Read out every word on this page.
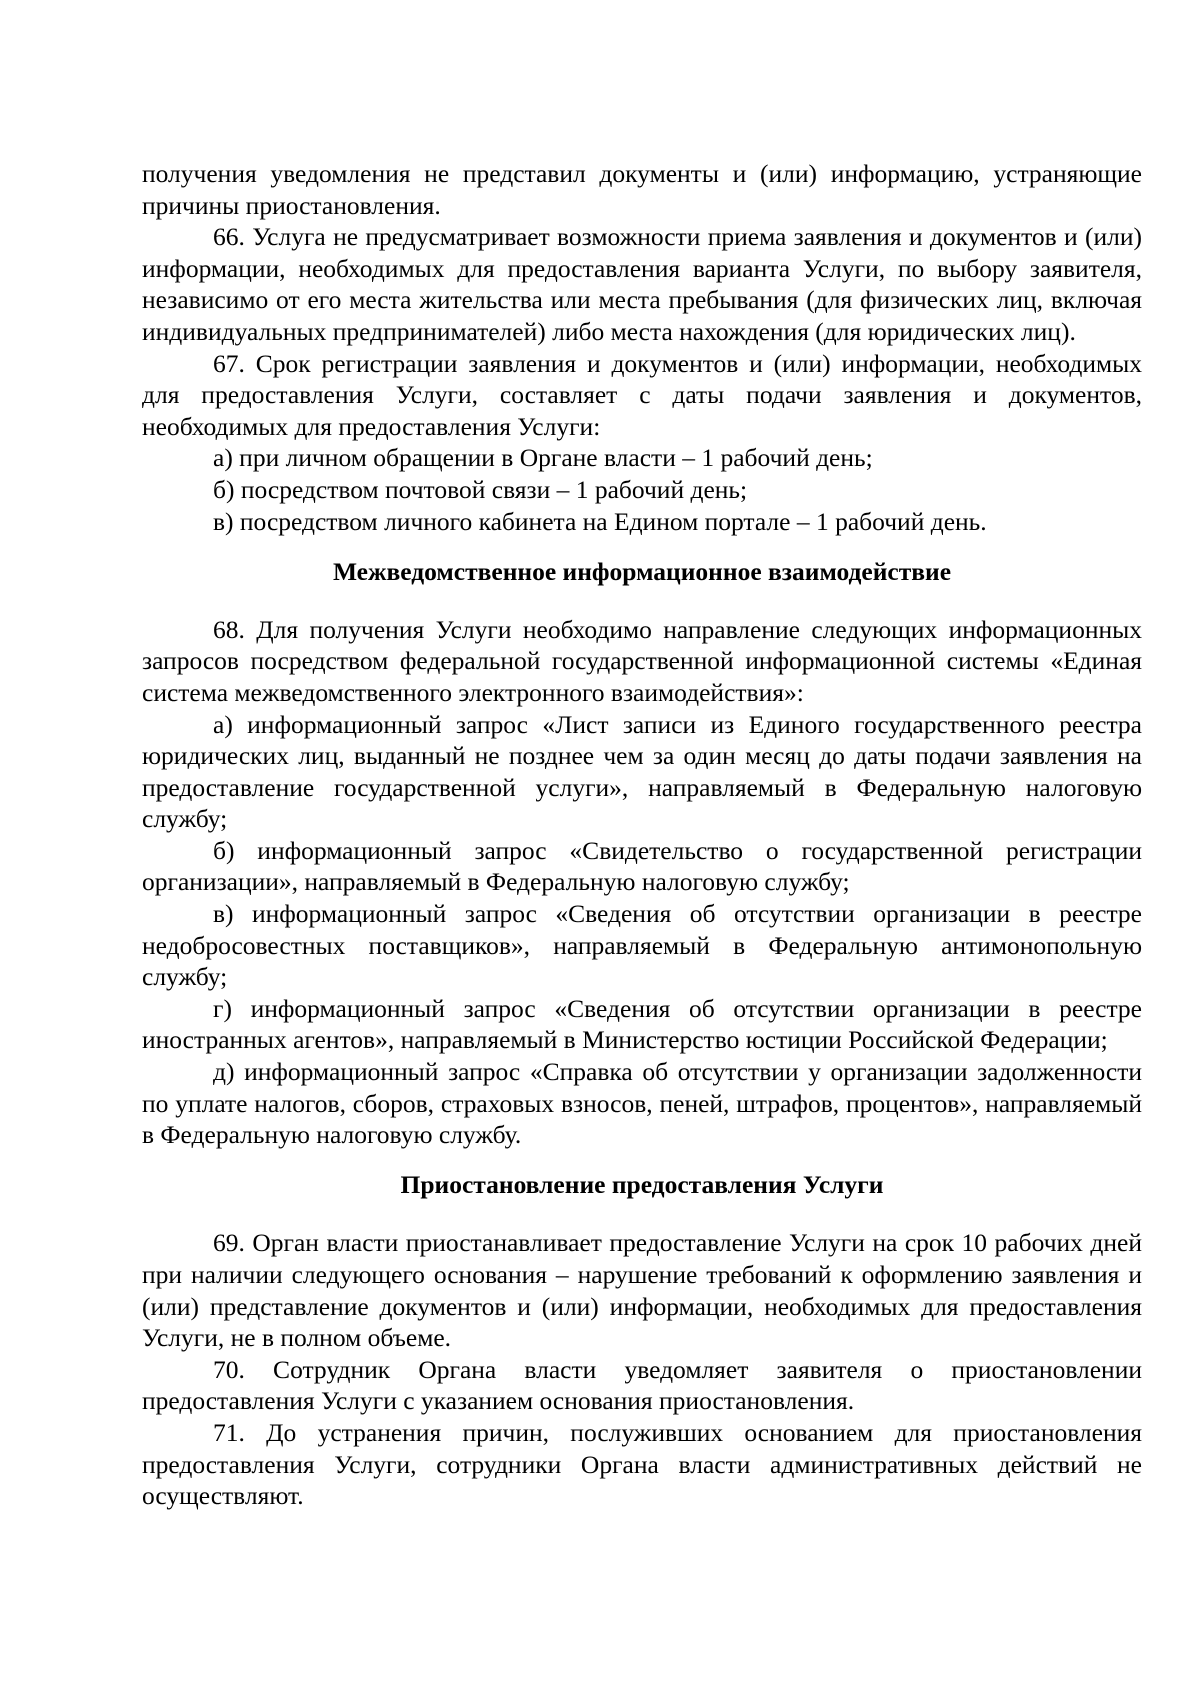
получения уведомления не представил документы и (или) информацию, устраняющие причины приостановления.

66. Услуга не предусматривает возможности приема заявления и документов и (или) информации, необходимых для предоставления варианта Услуги, по выбору заявителя, независимо от его места жительства или места пребывания (для физических лиц, включая индивидуальных предпринимателей) либо места нахождения (для юридических лиц).

67. Срок регистрации заявления и документов и (или) информации, необходимых для предоставления Услуги, составляет с даты подачи заявления и документов, необходимых для предоставления Услуги:

а) при личном обращении в Органе власти – 1 рабочий день;

б) посредством почтовой связи – 1 рабочий день;

в) посредством личного кабинета на Едином портале – 1 рабочий день.

Межведомственное информационное взаимодействие

68. Для получения Услуги необходимо направление следующих информационных запросов посредством федеральной государственной информационной системы «Единая система межведомственного электронного взаимодействия»:

а) информационный запрос «Лист записи из Единого государственного реестра юридических лиц, выданный не позднее чем за один месяц до даты подачи заявления на предоставление государственной услуги», направляемый в Федеральную налоговую службу;

б) информационный запрос «Свидетельство о государственной регистрации организации», направляемый в Федеральную налоговую службу;

в) информационный запрос «Сведения об отсутствии организации в реестре недобросовестных поставщиков», направляемый в Федеральную антимонопольную службу;

г) информационный запрос «Сведения об отсутствии организации в реестре иностранных агентов», направляемый в Министерство юстиции Российской Федерации;

д) информационный запрос «Справка об отсутствии у организации задолженности по уплате налогов, сборов, страховых взносов, пеней, штрафов, процентов», направляемый в Федеральную налоговую службу.

Приостановление предоставления Услуги

69. Орган власти приостанавливает предоставление Услуги на срок 10 рабочих дней при наличии следующего основания – нарушение требований к оформлению заявления и (или) представление документов и (или) информации, необходимых для предоставления Услуги, не в полном объеме.

70. Сотрудник Органа власти уведомляет заявителя о приостановлении предоставления Услуги с указанием основания приостановления.

71. До устранения причин, послуживших основанием для приостановления предоставления Услуги, сотрудники Органа власти административных действий не осуществляют.
